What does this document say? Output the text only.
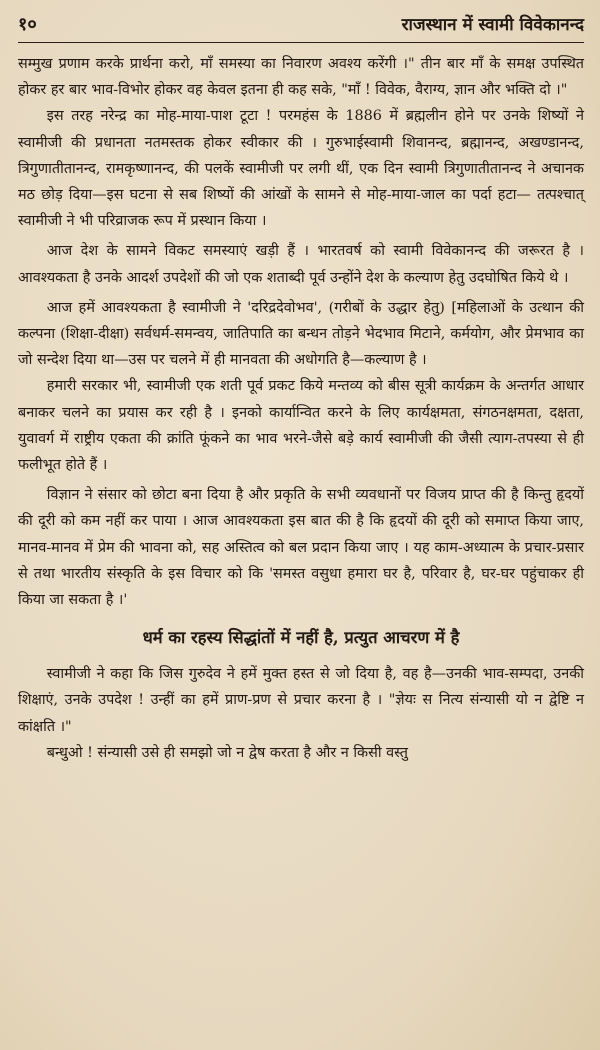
१०	राजस्थान में स्वामी विवेकानन्द

सम्मुख प्रणाम करके प्रार्थना करो, माँ समस्या का निवारण अवश्य करेंगी ।" तीन बार माँ के समक्ष उपस्थित होकर हर बार भाव-विभोर होकर वह केवल इतना ही कह सके, "माँ ! विवेक, वैराग्य, ज्ञान और भक्ति दो ।"

इस तरह नरेन्द्र का मोह-माया-पाश टूटा ! परमहंस के 1886 में ब्रह्मलीन होने पर उनके शिष्यों ने स्वामीजी की प्रधानता नतमस्तक होकर स्वीकार की । गुरुभाईस्वामी शिवानन्द, ब्रह्मानन्द, अखण्डानन्द, त्रिगुणातीतानन्द, रामकृष्णानन्द, की पलकें स्वामीजी पर लगी थीं, एक दिन स्वामी त्रिगुणातीतानन्द ने अचानक मठ छोड़ दिया—इस घटना से सब शिष्यों की आंखों के सामने से मोह-माया-जाल का पर्दा हटा— तत्पश्चात् स्वामीजी ने भी परिव्राजक रूप में प्रस्थान किया ।

आज देश के सामने विकट समस्याएं खड़ी हैं । भारतवर्ष को स्वामी विवेकानन्द की जरूरत है । आवश्यकता है उनके आदर्श उपदेशों की जो एक शताब्दी पूर्व उन्होंने देश के कल्याण हेतु उदघोषित किये थे ।

आज हमें आवश्यकता है स्वामीजी ने 'दरिद्रदेवोभव', (गरीबों के उद्धार हेतु) [महिलाओं के उत्थान की कल्पना (शिक्षा-दीक्षा) सर्वधर्म-समन्वय, जातिपाति का बन्धन तोड़ने भेदभाव मिटाने, कर्मयोग, और प्रेमभाव का जो सन्देश दिया था—उस पर चलने में ही मानवता की अधोगति है—कल्याण है ।

हमारी सरकार भी, स्वामीजी एक शती पूर्व प्रकट किये मन्तव्य को बीस सूत्री कार्यक्रम के अन्तर्गत आधार बनाकर चलने का प्रयास कर रही है । इनको कार्यान्वित करने के लिए कार्यक्षमता, संगठनक्षमता, दक्षता, युवावर्ग में राष्ट्रीय एकता की क्रांति फूंकने का भाव भरने-जैसे बड़े कार्य स्वामीजी की जैसी त्याग-तपस्या से ही फलीभूत होते हैं ।

विज्ञान ने संसार को छोटा बना दिया है और प्रकृति के सभी व्यवधानों पर विजय प्राप्त की है किन्तु हृदयों की दूरी को कम नहीं कर पाया । आज आवश्यकता इस बात की है कि हृदयों की दूरी को समाप्त किया जाए, मानव-मानव में प्रेम की भावना को, सह अस्तित्व को बल प्रदान किया जाए । यह काम-अध्यात्म के प्रचार-प्रसार से तथा भारतीय संस्कृति के इस विचार को कि 'समस्त वसुधा हमारा घर है, परिवार है, घर-घर पहुंचाकर ही किया जा सकता है ।'

धर्म का रहस्य सिद्धांतों में नहीं है, प्रत्युत आचरण में है

स्वामीजी ने कहा कि जिस गुरुदेव ने हमें मुक्त हस्त से जो दिया है, वह है—उनकी भाव-सम्पदा, उनकी शिक्षाएं, उनके उपदेश ! उन्हीं का हमें प्राण-प्रण से प्रचार करना है । "ज्ञेयः स नित्य संन्यासी यो न द्वेष्टि न कांक्षति ।"

बन्धुओ ! संन्यासी उसे ही समझो जो न द्वेष करता है और न किसी वस्तु
